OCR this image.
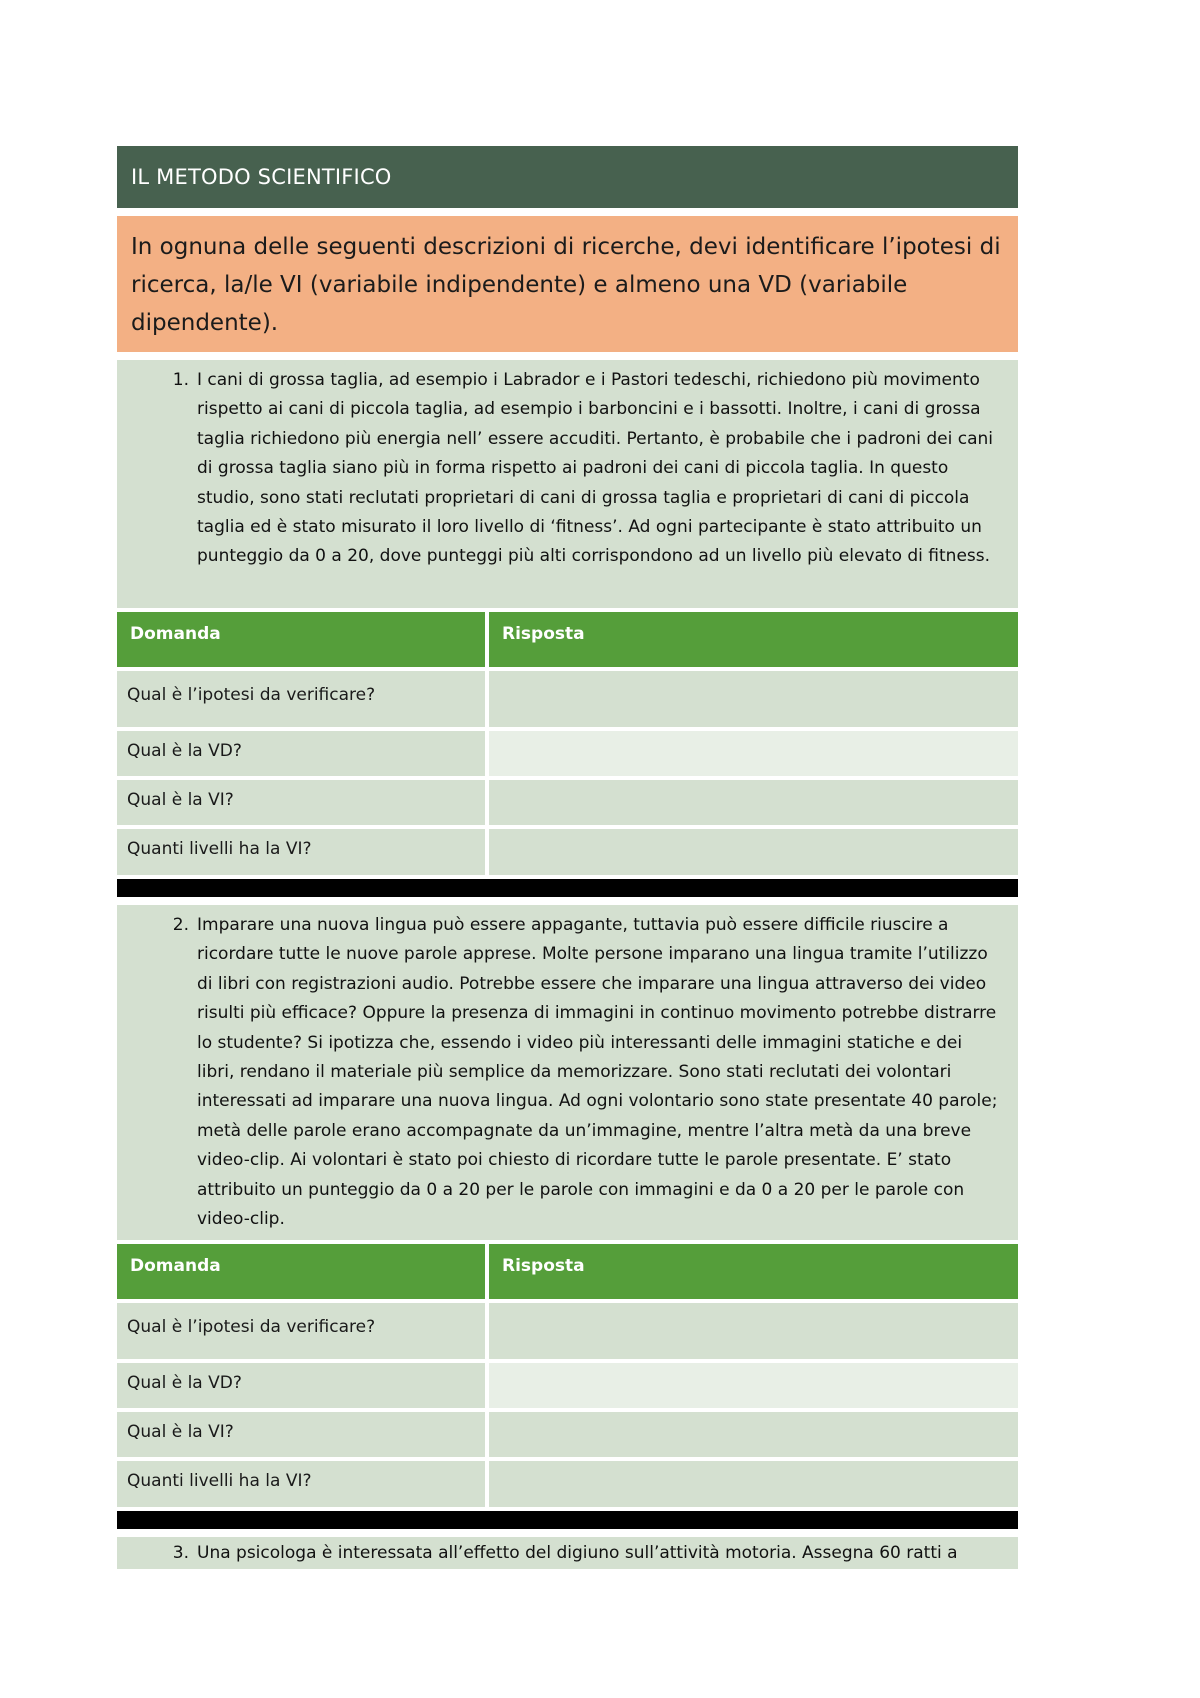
IL METODO SCIENTIFICO
In ognuna delle seguenti descrizioni di ricerche, devi identificare l’ipotesi di ricerca, la/le VI (variabile indipendente) e almeno una VD (variabile dipendente).
1. I cani di grossa taglia, ad esempio i Labrador e i Pastori tedeschi, richiedono più movimento rispetto ai cani di piccola taglia, ad esempio i barboncini e i bassotti. Inoltre, i cani di grossa taglia richiedono più energia nell’ essere accuditi. Pertanto, è probabile che i padroni dei cani di grossa taglia siano più in forma rispetto ai padroni dei cani di piccola taglia. In questo studio, sono stati reclutati proprietari di cani di grossa taglia e proprietari di cani di piccola taglia ed è stato misurato il loro livello di ‘fitness’. Ad ogni partecipante è stato attribuito un punteggio da 0 a 20, dove punteggi più alti corrispondono ad un livello più elevato di fitness.
Domanda	Risposta
Qual è l’ipotesi da verificare?
Qual è la VD?
Qual è la VI?
Quanti livelli ha la VI?
2. Imparare una nuova lingua può essere appagante, tuttavia può essere difficile riuscire a ricordare tutte le nuove parole apprese. Molte persone imparano una lingua tramite l’utilizzo di libri con registrazioni audio. Potrebbe essere che imparare una lingua attraverso dei video risulti più efficace? Oppure la presenza di immagini in continuo movimento potrebbe distrarre lo studente? Si ipotizza che, essendo i video più interessanti delle immagini statiche e dei libri, rendano il materiale più semplice da memorizzare. Sono stati reclutati dei volontari interessati ad imparare una nuova lingua. Ad ogni volontario sono state presentate 40 parole; metà delle parole erano accompagnate da un’immagine, mentre l’altra metà da una breve video-clip. Ai volontari è stato poi chiesto di ricordare tutte le parole presentate. E’ stato attribuito un punteggio da 0 a 20 per le parole con immagini e da 0 a 20 per le parole con video-clip.
Domanda	Risposta
Qual è l’ipotesi da verificare?
Qual è la VD?
Qual è la VI?
Quanti livelli ha la VI?
3. Una psicologa è interessata all’effetto del digiuno sull’attività motoria. Assegna 60 ratti a
